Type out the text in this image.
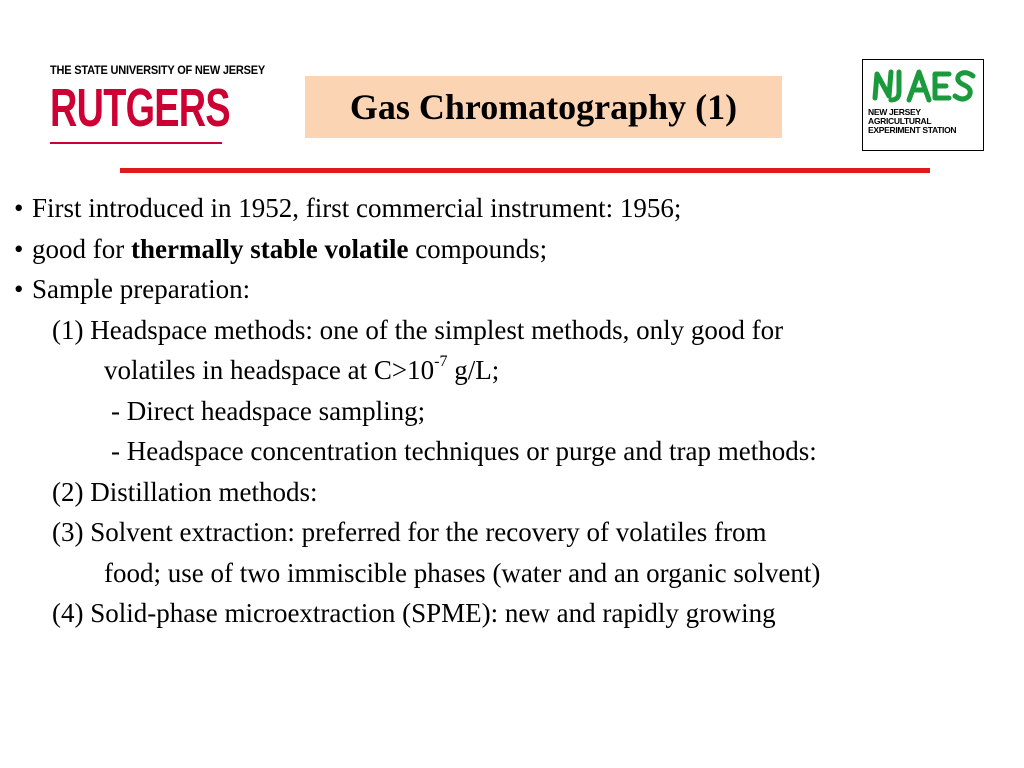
THE STATE UNIVERSITY OF NEW JERSEY
RUTGERS	Gas Chromatography (1)	NEW JERSEY
AGRICULTURAL
EXPERIMENT STATION
• First introduced in 1952, first commercial instrument: 1956;
• good for thermally stable volatile compounds;
• Sample preparation:
(1) Headspace methods: one of the simplest methods, only good for
volatiles in headspace at $C>10^{-7}$ g/L;
- Direct headspace sampling;
- Headspace concentration techniques or purge and trap methods:
(2) Distillation methods:
(3) Solvent extraction: preferred for the recovery of volatiles from
food; use of two immiscible phases (water and an organic solvent)
(4) Solid-phase microextraction (SPME): new and rapidly growing
